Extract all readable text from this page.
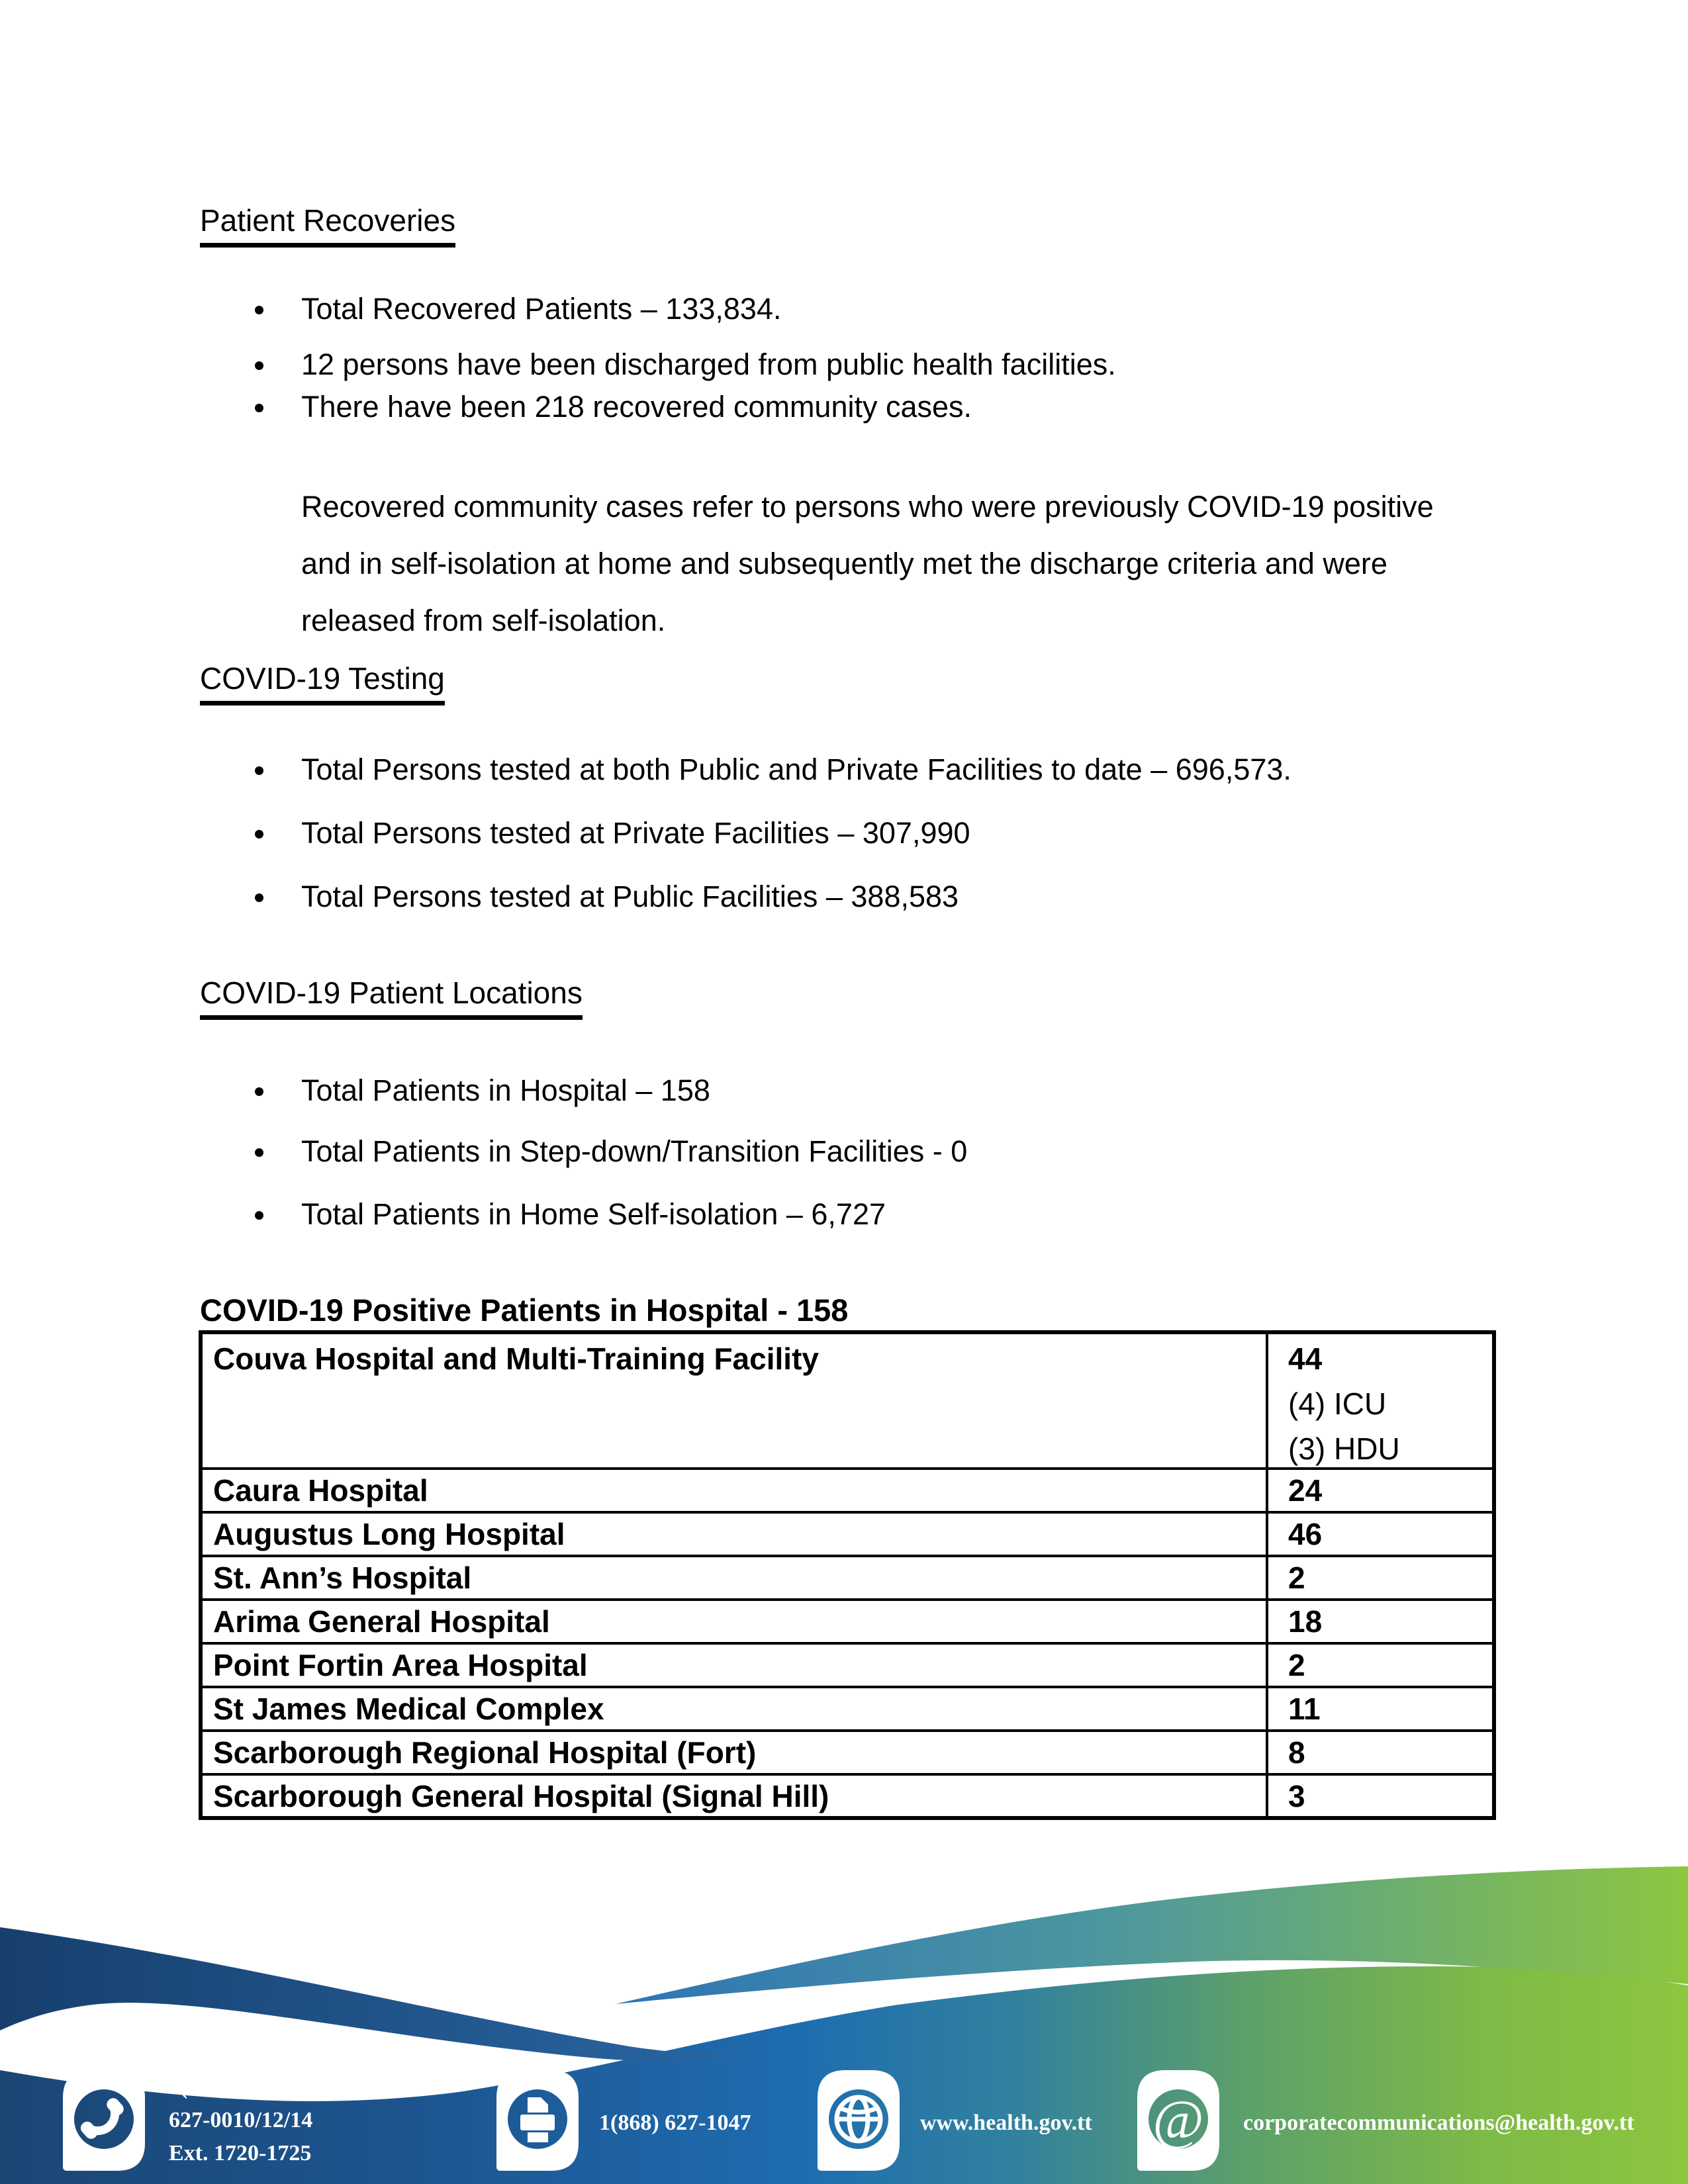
Patient Recoveries
Total Recovered Patients – 133,834.
12 persons have been discharged from public health facilities.
There have been 218 recovered community cases.
Recovered community cases refer to persons who were previously COVID-19 positive
and in self-isolation at home and subsequently met the discharge criteria and were
released from self-isolation.
COVID-19 Testing
Total Persons tested at both Public and Private Facilities to date – 696,573.
Total Persons tested at Private Facilities – 307,990
Total Persons tested at Public Facilities – 388,583
COVID-19 Patient Locations
Total Patients in Hospital – 158
Total Patients in Step-down/Transition Facilities - 0
Total Patients in Home Self-isolation – 6,727
COVID-19 Positive Patients in Hospital - 158
Couva Hospital and Multi-Training Facility	44
(4) ICU
(3) HDU

Caura Hospital	24
Augustus Long Hospital	46
St. Ann’s Hospital	2
Arima General Hospital	18
Point Fortin Area Hospital	2
St James Medical Complex	11
Scarborough Regional Hospital (Fort)	8
Scarborough General Hospital (Signal Hill)	3
1(868) 627-1047/ 623-8492 or
627-0010/12/14
Ext. 1720-1725
1(868) 627-1047	www.health.gov.tt @ corporatecommunications@health.gov.tt
